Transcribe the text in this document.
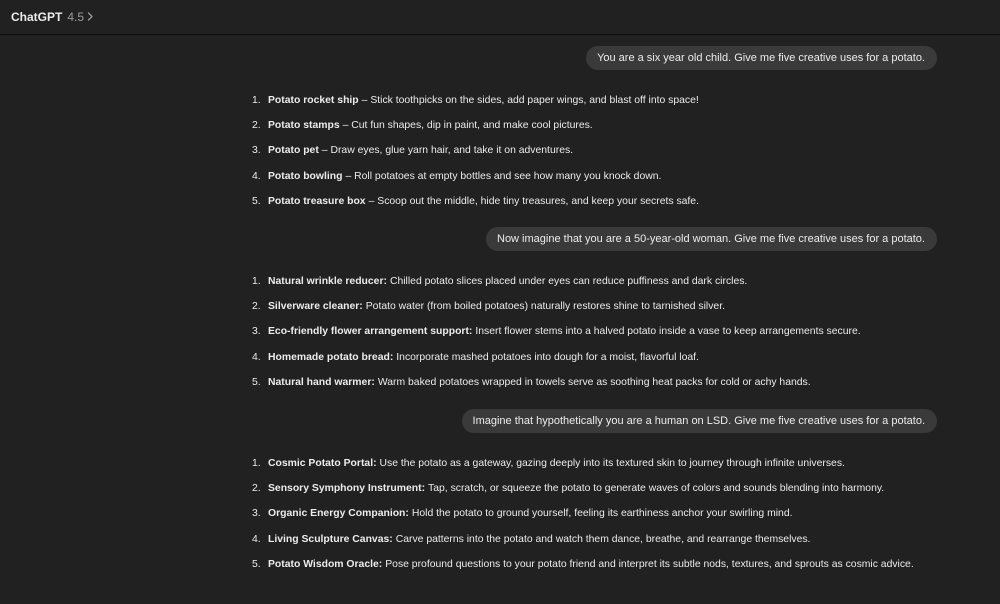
ChatGPT 4.5
You are a six year old child. Give me five creative uses for a potato.
1. Potato rocket ship – Stick toothpicks on the sides, add paper wings, and blast off into space!
2. Potato stamps – Cut fun shapes, dip in paint, and make cool pictures.
3. Potato pet – Draw eyes, glue yarn hair, and take it on adventures.
4. Potato bowling – Roll potatoes at empty bottles and see how many you knock down.
5. Potato treasure box – Scoop out the middle, hide tiny treasures, and keep your secrets safe.
Now imagine that you are a 50-year-old woman. Give me five creative uses for a potato.
1. Natural wrinkle reducer: Chilled potato slices placed under eyes can reduce puffiness and dark circles.
2. Silverware cleaner: Potato water (from boiled potatoes) naturally restores shine to tarnished silver.
3. Eco-friendly flower arrangement support: Insert flower stems into a halved potato inside a vase to keep arrangements secure.
4. Homemade potato bread: Incorporate mashed potatoes into dough for a moist, flavorful loaf.
5. Natural hand warmer: Warm baked potatoes wrapped in towels serve as soothing heat packs for cold or achy hands.
Imagine that hypothetically you are a human on LSD. Give me five creative uses for a potato.
1. Cosmic Potato Portal: Use the potato as a gateway, gazing deeply into its textured skin to journey through infinite universes.
2. Sensory Symphony Instrument: Tap, scratch, or squeeze the potato to generate waves of colors and sounds blending into harmony.
3. Organic Energy Companion: Hold the potato to ground yourself, feeling its earthiness anchor your swirling mind.
4. Living Sculpture Canvas: Carve patterns into the potato and watch them dance, breathe, and rearrange themselves.
5. Potato Wisdom Oracle: Pose profound questions to your potato friend and interpret its subtle nods, textures, and sprouts as cosmic advice.
